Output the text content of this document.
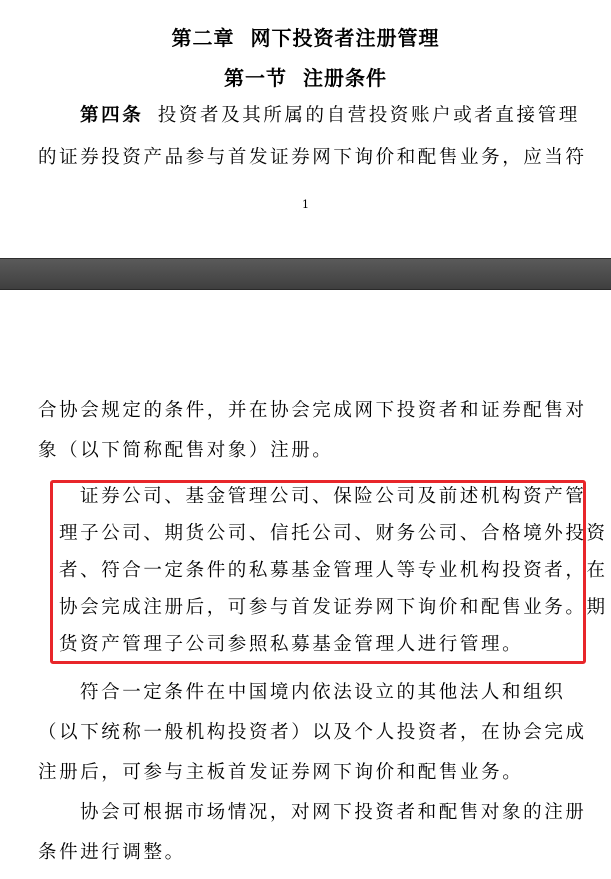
第二章  网下投资者注册管理
第一节  注册条件
第四条 投资者及其所属的自营投资账户或者直接管理
的证券投资产品参与首发证券网下询价和配售业务，应当符
1
合协会规定的条件，并在协会完成网下投资者和证券配售对
象（以下简称配售对象）注册。
证券公司、基金管理公司、保险公司及前述机构资产管
理子公司、期货公司、信托公司、财务公司、合格境外投资
者、符合一定条件的私募基金管理人等专业机构投资者，在
协会完成注册后，可参与首发证券网下询价和配售业务。期
货资产管理子公司参照私募基金管理人进行管理。
符合一定条件在中国境内依法设立的其他法人和组织
（以下统称一般机构投资者）以及个人投资者，在协会完成
注册后，可参与主板首发证券网下询价和配售业务。
协会可根据市场情况，对网下投资者和配售对象的注册
条件进行调整。
